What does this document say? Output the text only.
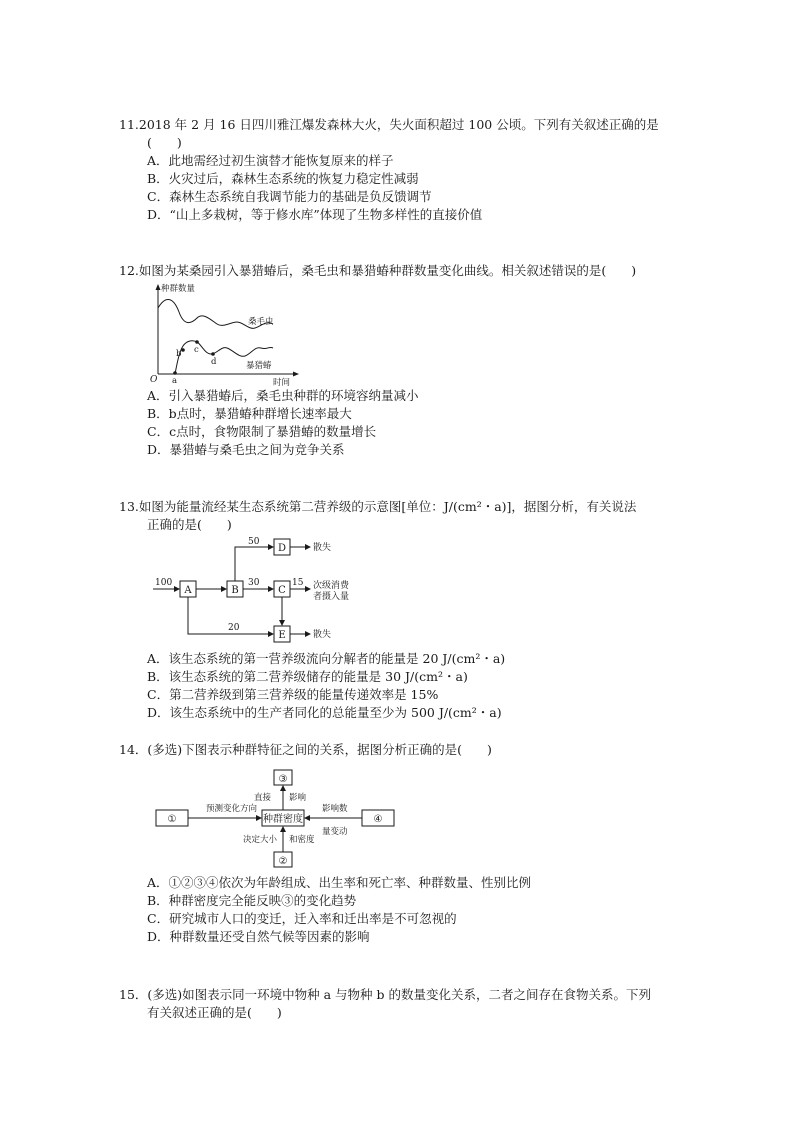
11.2018 年 2 月 16 日四川雅江爆发森林大火，失火面积超过 100 公顷。下列有关叙述正确的是
(　　)
A．此地需经过初生演替才能恢复原来的样子
B．火灾过后，森林生态系统的恢复力稳定性减弱
C．森林生态系统自我调节能力的基础是负反馈调节
D．“山上多栽树，等于修水库”体现了生物多样性的直接价值
12.如图为某桑园引入暴猎蝽后，桑毛虫和暴猎蝽种群数量变化曲线。相关叙述错误的是(　　)
种群数量
时间
O a
b c
d
桑毛虫
暴猎蝽
A．引入暴猎蝽后，桑毛虫种群的环境容纳量减小
B．b点时，暴猎蝽种群增长速率最大
C．c点时，食物限制了暴猎蝽的数量增长
D．暴猎蝽与桑毛虫之间为竞争关系
13.如图为能量流经某生态系统第二营养级的示意图[单位：J/(cm²・a)]，据图分析，有关说法
正确的是(　　)
A	B	C
D
E
100
50
30	15
20
散失
散失
次级消费
者摄入量
A．该生态系统的第一营养级流向分解者的能量是 20 J/(cm²・a)
B．该生态系统的第二营养级储存的能量是 30 J/(cm²・a)
C．第二营养级到第三营养级的能量传递效率是 15%
D．该生态系统中的生产者同化的总能量至少为 500 J/(cm²・a)
14．(多选)下图表示种群特征之间的关系，据图分析正确的是(　　)
种群密度
①
②
③
④
预测变化方向
直接 影响
决定大小 和密度
影响数
量变动
A．①②③④依次为年龄组成、出生率和死亡率、种群数量、性别比例
B．种群密度完全能反映③的变化趋势
C．研究城市人口的变迁，迁入率和迁出率是不可忽视的
D．种群数量还受自然气候等因素的影响
15．(多选)如图表示同一环境中物种 a 与物种 b 的数量变化关系，二者之间存在食物关系。下列
有关叙述正确的是(　　)
